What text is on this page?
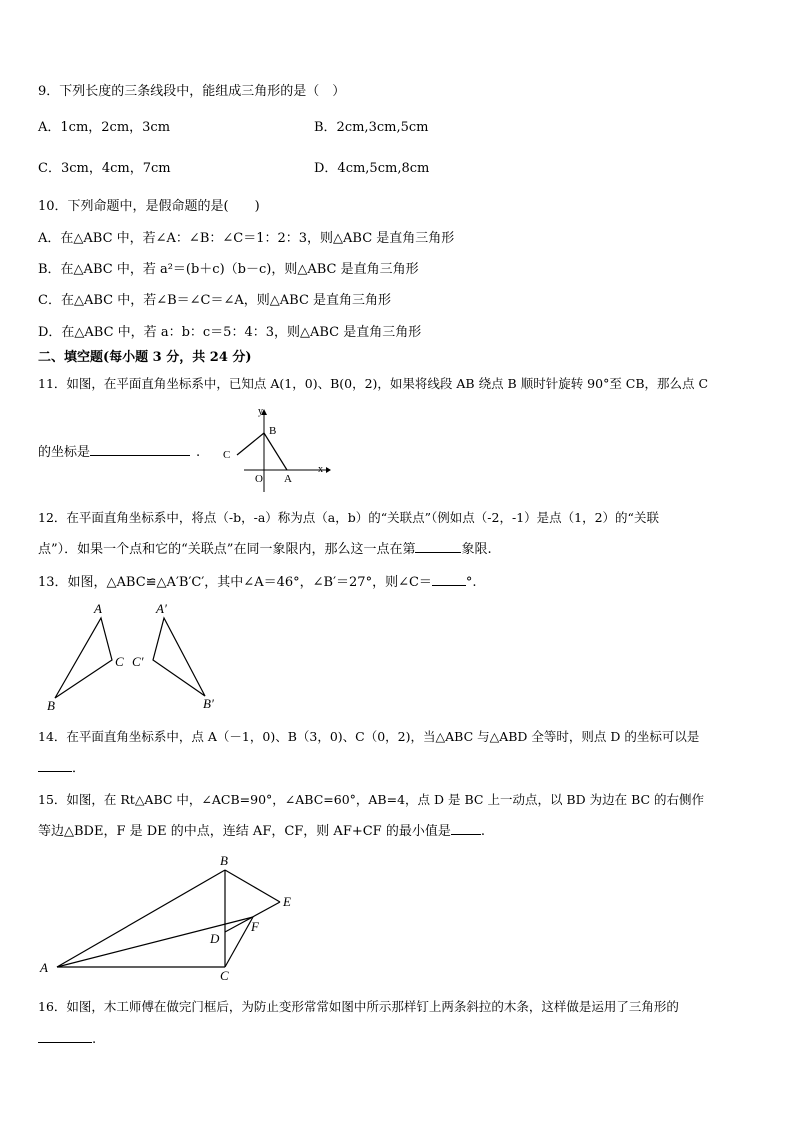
9．下列长度的三条线段中，能组成三角形的是（　）
A．1cm，2cm，3cm	B．2cm,3cm,5cm
C．3cm，4cm，7cm	D．4cm,5cm,8cm
10．下列命题中，是假命题的是(　　)
A．在△ABC 中，若∠A：∠B：∠C＝1：2：3，则△ABC 是直角三角形
B．在△ABC 中，若 a²＝(b＋c)（b－c)，则△ABC 是直角三角形
C．在△ABC 中，若∠B＝∠C＝∠A，则△ABC 是直角三角形
D．在△ABC 中，若 a：b：c＝5：4：3，则△ABC 是直角三角形
二、填空题(每小题 3 分，共 24 分)
11．如图，在平面直角坐标系中，已知点 A(1，0)、B(0，2)，如果将线段 AB 绕点 B 顺时针旋转 90°至 CB，那么点 C
的坐标是	.
y
x
B
C
O A
12．在平面直角坐标系中，将点（-b，-a）称为点（a，b）的“关联点”（例如点（-2，-1）是点（1，2）的“关联
点”）．如果一个点和它的“关联点”在同一象限内，那么这一点在第	象限.
13．如图，△ABC≌△A′B′C′，其中∠A＝46°，∠B′＝27°，则∠C＝	°.
A
C
B
A′
C′
B′
14．在平面直角坐标系中，点 A（－1，0)、B（3，0)、C（0，2)，当△ABC 与△ABD 全等时，则点 D 的坐标可以是
．
15．如图，在 Rt△ABC 中，∠ACB=90°，∠ABC=60°，AB=4，点 D 是 BC 上一动点，以 BD 为边在 BC 的右侧作
等边△BDE，F 是 DE 的中点，连结 AF，CF，则 AF+CF 的最小值是 .
B
E
F
D
A
C
16．如图，木工师傅在做完门框后，为防止变形常常如图中所示那样钉上两条斜拉的木条，这样做是运用了三角形的
.
